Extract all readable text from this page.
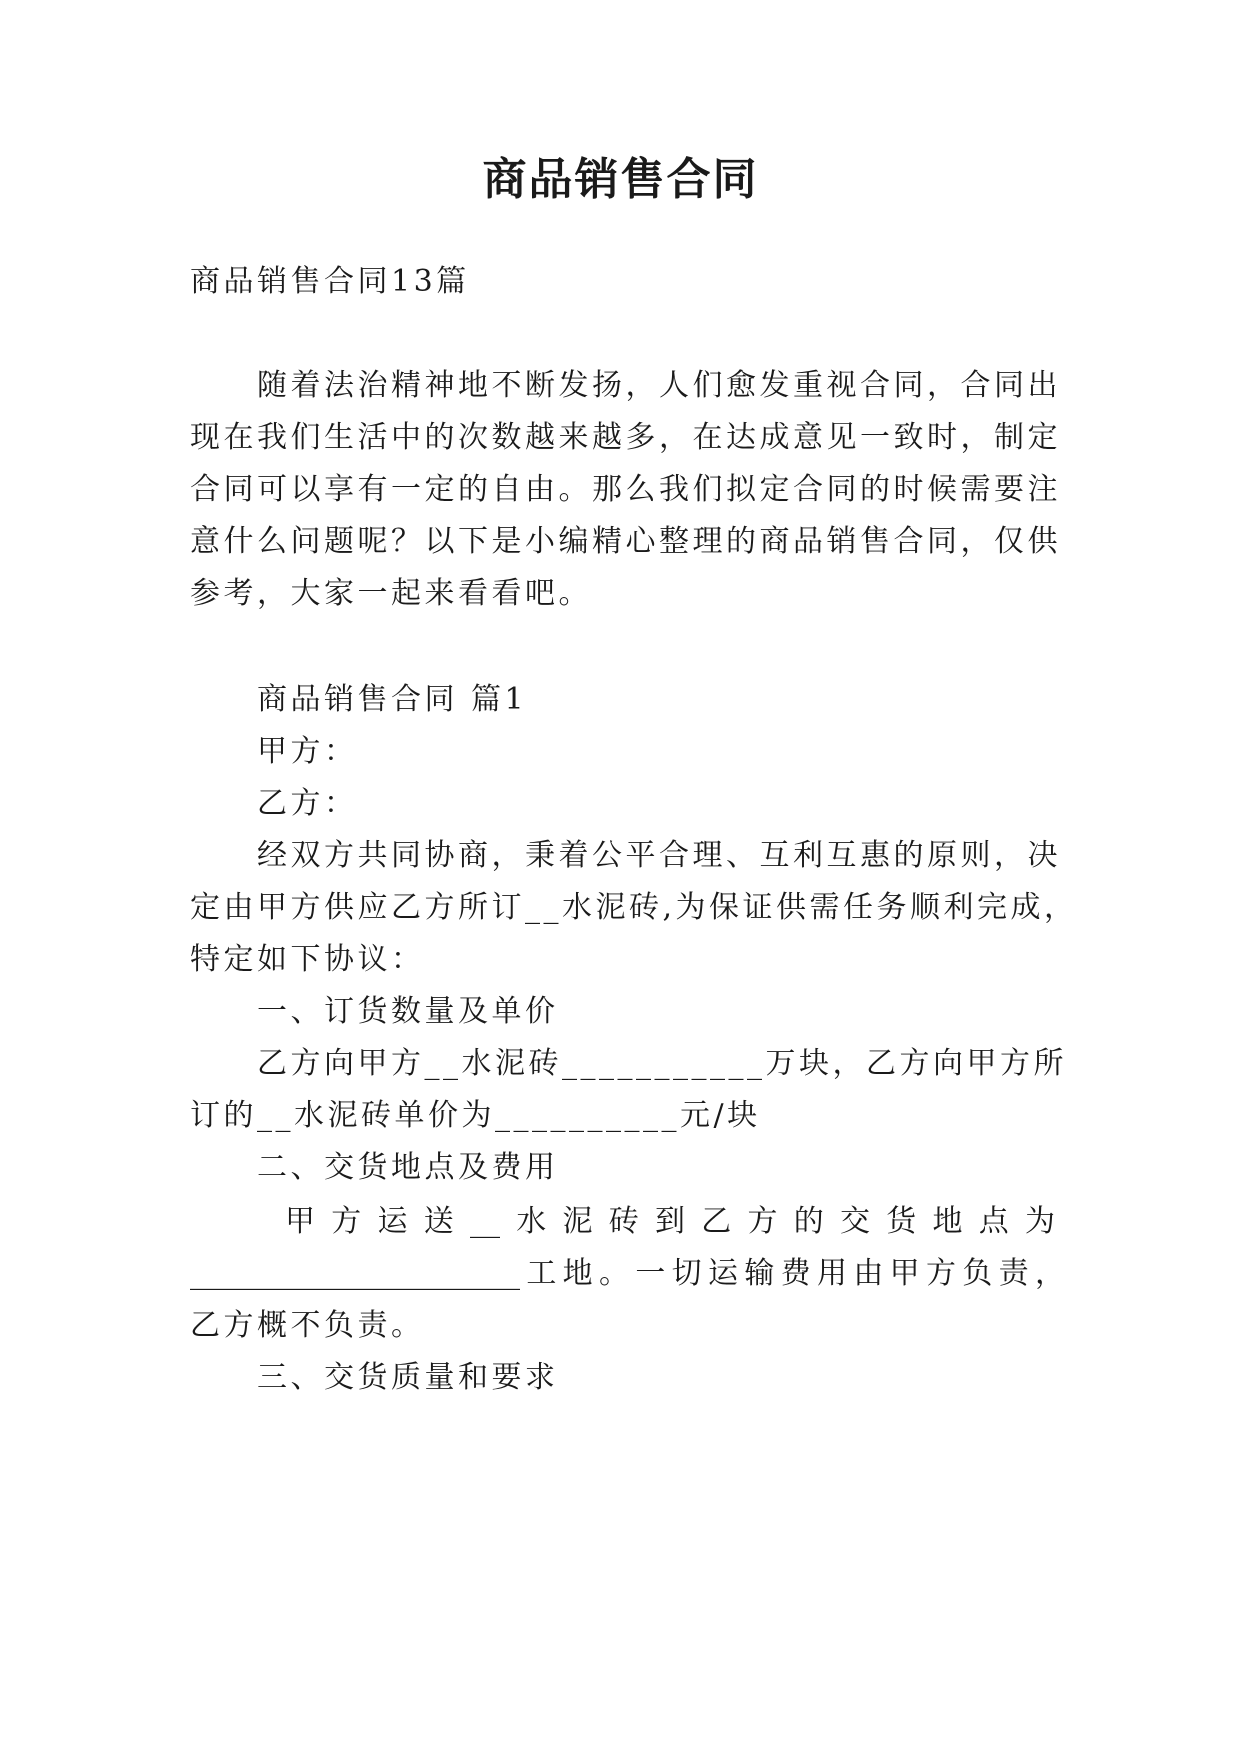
商品销售合同

商品销售合同13篇

随着法治精神地不断发扬，人们愈发重视合同，合同出

现在我们生活中的次数越来越多，在达成意见一致时，制定

合同可以享有一定的自由。那么我们拟定合同的时候需要注

意什么问题呢？以下是小编精心整理的商品销售合同，仅供

参考，大家一起来看看吧。

商品销售合同 篇1

甲方：

乙方：

经双方共同协商，秉着公平合理、互利互惠的原则，决

定由甲方供应乙方所订__水泥砖,为保证供需任务顺利完成，

特定如下协议：

一、订货数量及单价

乙方向甲方__水泥砖___________万块，乙方向甲方所

订的__水泥砖单价为__________元/块

二、交货地点及费用

甲方运送__水泥砖到乙方的交货地点为

______________________工地。一切运输费用由甲方负责，

乙方概不负责。

三、交货质量和要求
